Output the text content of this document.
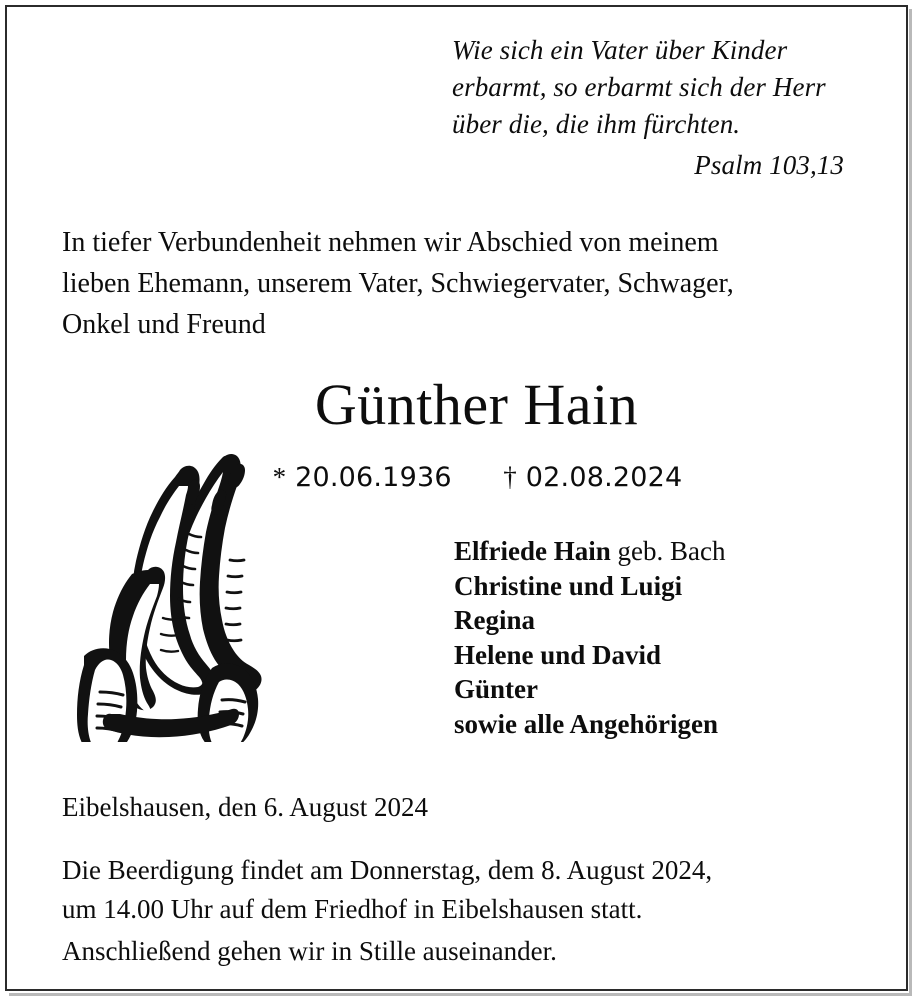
Wie sich ein Vater über Kinder
erbarmt, so erbarmt sich der Herr
über die, die ihm fürchten.
Psalm 103,13
In tiefer Verbundenheit nehmen wir Abschied von meinem
lieben Ehemann, unserem Vater, Schwiegervater, Schwager,
Onkel und Freund
Günther Hain
* 20.06.1936 † 02.08.2024
Elfriede Hain geb. Bach
Christine und Luigi
Regina
Helene und David
Günter
sowie alle Angehörigen
Eibelshausen, den 6. August 2024
Die Beerdigung findet am Donnerstag, dem 8. August 2024,
um 14.00 Uhr auf dem Friedhof in Eibelshausen statt.
Anschließend gehen wir in Stille auseinander.
